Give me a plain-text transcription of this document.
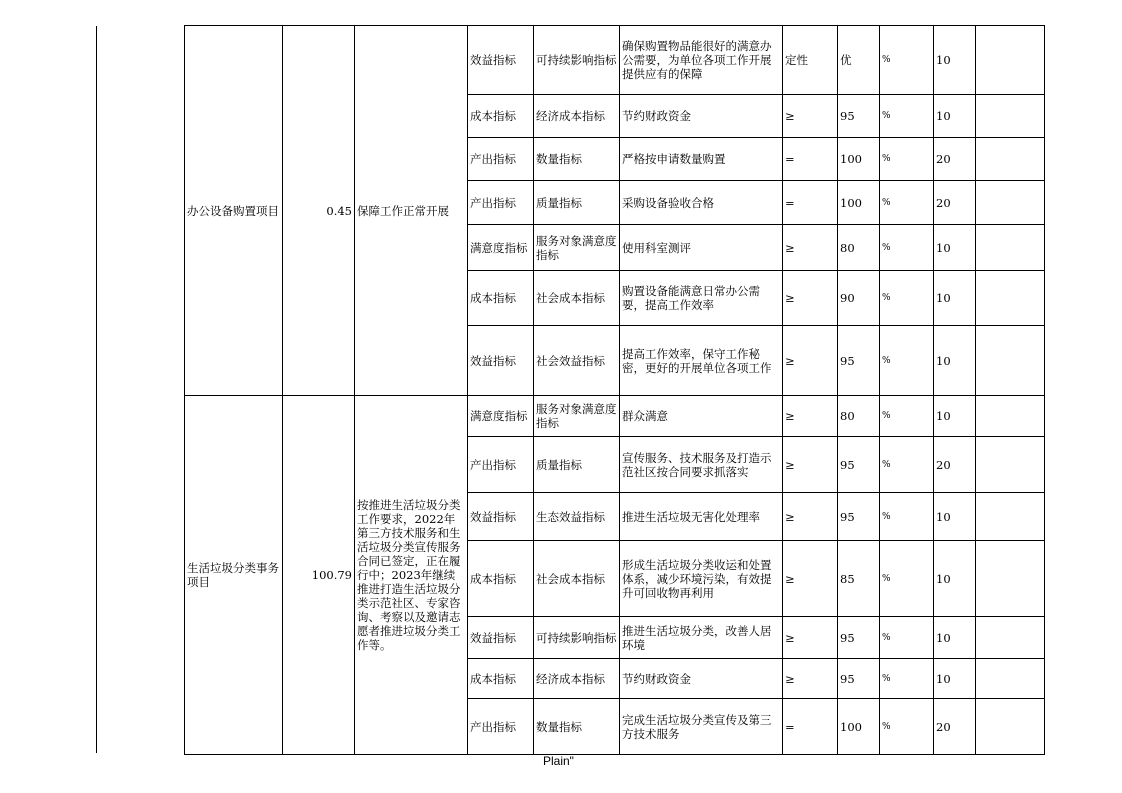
办公设备购置项目	0.45	保障工作正常开展	效益指标	可持续影响指标	确保购置物品能很好的满意办公需要，为单位各项工作开展提供应有的保障	定性	优	%	10	
			成本指标	经济成本指标	节约财政资金	≥	95	%	10	
			产出指标	数量指标	严格按申请数量购置	=	100	%	20	
			产出指标	质量指标	采购设备验收合格	=	100	%	20	
			满意度指标	服务对象满意度指标	使用科室测评	≥	80	%	10	
			成本指标	社会成本指标	购置设备能满意日常办公需要，提高工作效率	≥	90	%	10	
			效益指标	社会效益指标	提高工作效率，保守工作秘密，更好的开展单位各项工作	≥	95	%	10	
生活垃圾分类事务项目	100.79	按推进生活垃圾分类工作要求，2022年第三方技术服务和生活垃圾分类宣传服务合同已签定，正在履行中；2023年继续推进打造生活垃圾分类示范社区、专家咨询、考察以及邀请志愿者推进垃圾分类工作等。	满意度指标	服务对象满意度指标	群众满意	≥	80	%	10	
			产出指标	质量指标	宣传服务、技术服务及打造示范社区按合同要求抓落实	≥	95	%	20	
			效益指标	生态效益指标	推进生活垃圾无害化处理率	≥	95	%	10	
			成本指标	社会成本指标	形成生活垃圾分类收运和处置体系，减少环境污染，有效提升可回收物再利用	≥	85	%	10	
			效益指标	可持续影响指标	推进生活垃圾分类，改善人居环境	≥	95	%	10	
			成本指标	经济成本指标	节约财政资金	≥	95	%	10	
			产出指标	数量指标	完成生活垃圾分类宣传及第三方技术服务	=	100	%	20	
Plain"
